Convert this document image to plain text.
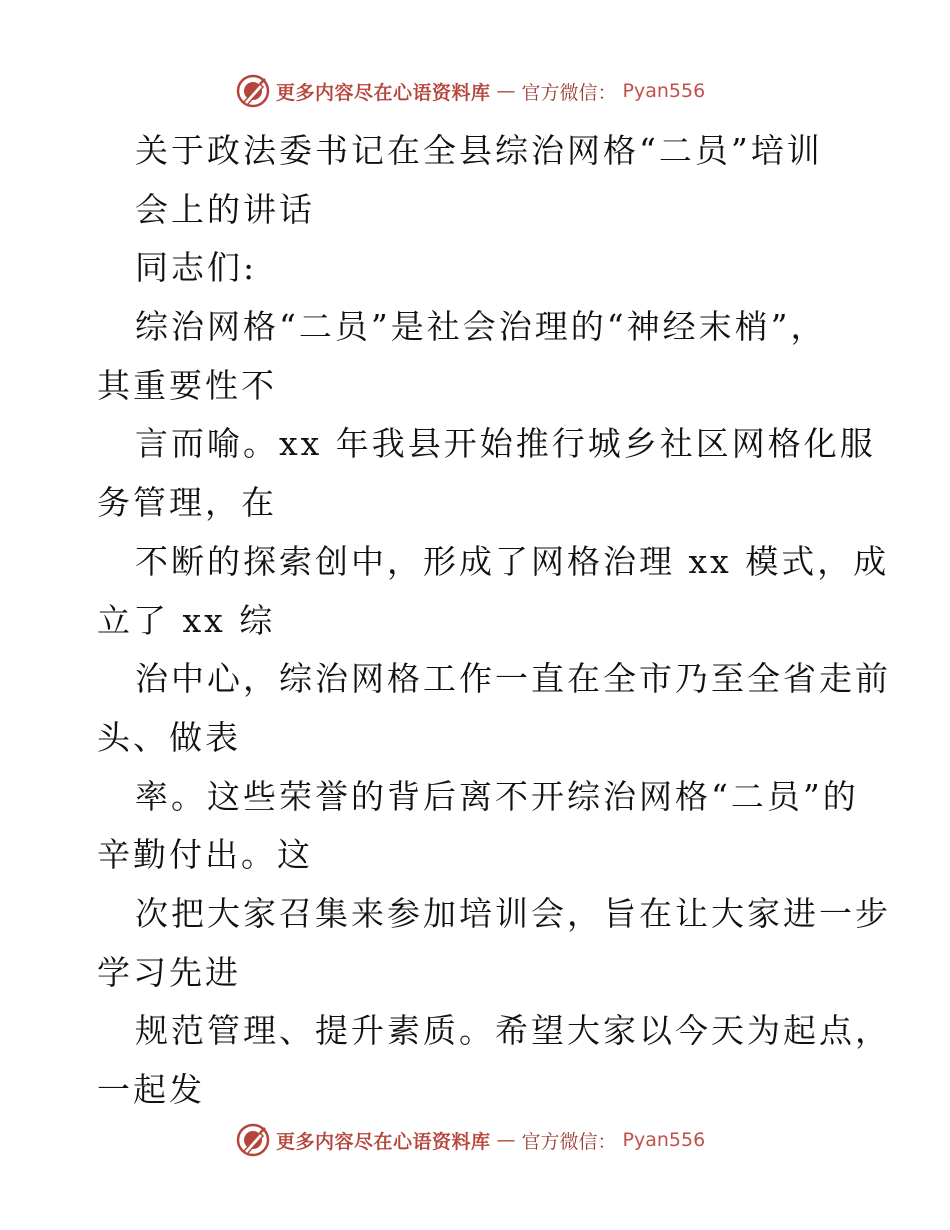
更多内容尽在心语资料库 — 官方微信： Pyan556
关于政法委书记在全县综治网格“二员”培训
会上的讲话
同志们:
综治网格“二员”是社会治理的“神经末梢”，
其重要性不
言而喻。xx 年我县开始推行城乡社区网格化服
务管理，在
不断的探索创中，形成了网格治理 xx 模式，成
立了 xx 综
治中心，综治网格工作一直在全市乃至全省走前
头、做表
率。这些荣誉的背后离不开综治网格“二员”的
辛勤付出。这
次把大家召集来参加培训会，旨在让大家进一步
学习先进
规范管理、提升素质。希望大家以今天为起点，
一起发
更多内容尽在心语资料库 — 官方微信： Pyan556
